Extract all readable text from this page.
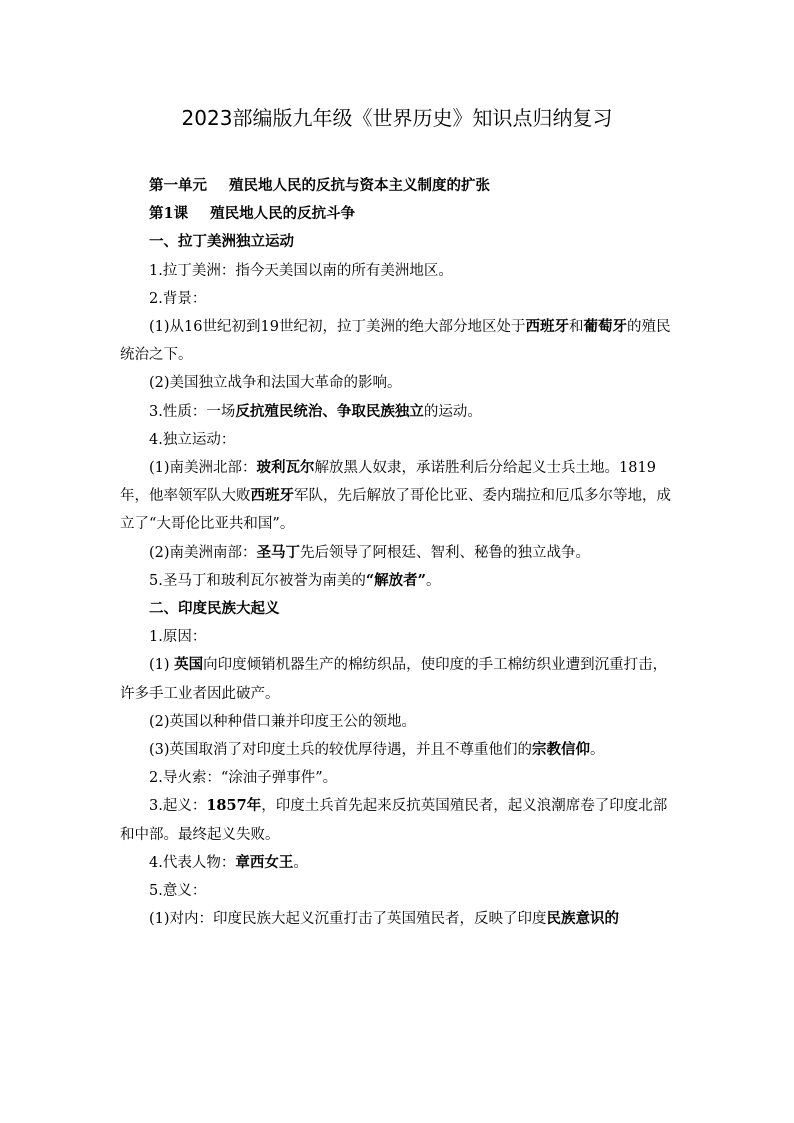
2023部编版九年级《世界历史》知识点归纳复习

第一单元 殖民地人民的反抗与资本主义制度的扩张

第1课 殖民地人民的反抗斗争

一、拉丁美洲独立运动

1.拉丁美洲：指今天美国以南的所有美洲地区。

2.背景：

(1)从16世纪初到19世纪初，拉丁美洲的绝大部分地区处于西班牙和葡萄牙的殖民统治之下。

(2)美国独立战争和法国大革命的影响。

3.性质：一场反抗殖民统治、争取民族独立的运动。

4.独立运动：

(1)南美洲北部：玻利瓦尔解放黑人奴隶，承诺胜利后分给起义士兵土地。1819年，他率领军队大败西班牙军队，先后解放了哥伦比亚、委内瑞拉和厄瓜多尔等地，成立了“大哥伦比亚共和国”。

(2)南美洲南部：圣马丁先后领导了阿根廷、智利、秘鲁的独立战争。

5.圣马丁和玻利瓦尔被誉为南美的“解放者”。

二、印度民族大起义

1.原因：

(1) 英国向印度倾销机器生产的棉纺织品，使印度的手工棉纺织业遭到沉重打击，许多手工业者因此破产。

(2)英国以种种借口兼并印度王公的领地。

(3)英国取消了对印度土兵的较优厚待遇，并且不尊重他们的宗教信仰。

2.导火索：“涂油子弹事件”。

3.起义：1857年，印度土兵首先起来反抗英国殖民者，起义浪潮席卷了印度北部和中部。最终起义失败。

4.代表人物：章西女王。

5.意义：

(1)对内：印度民族大起义沉重打击了英国殖民者，反映了印度民族意识的
